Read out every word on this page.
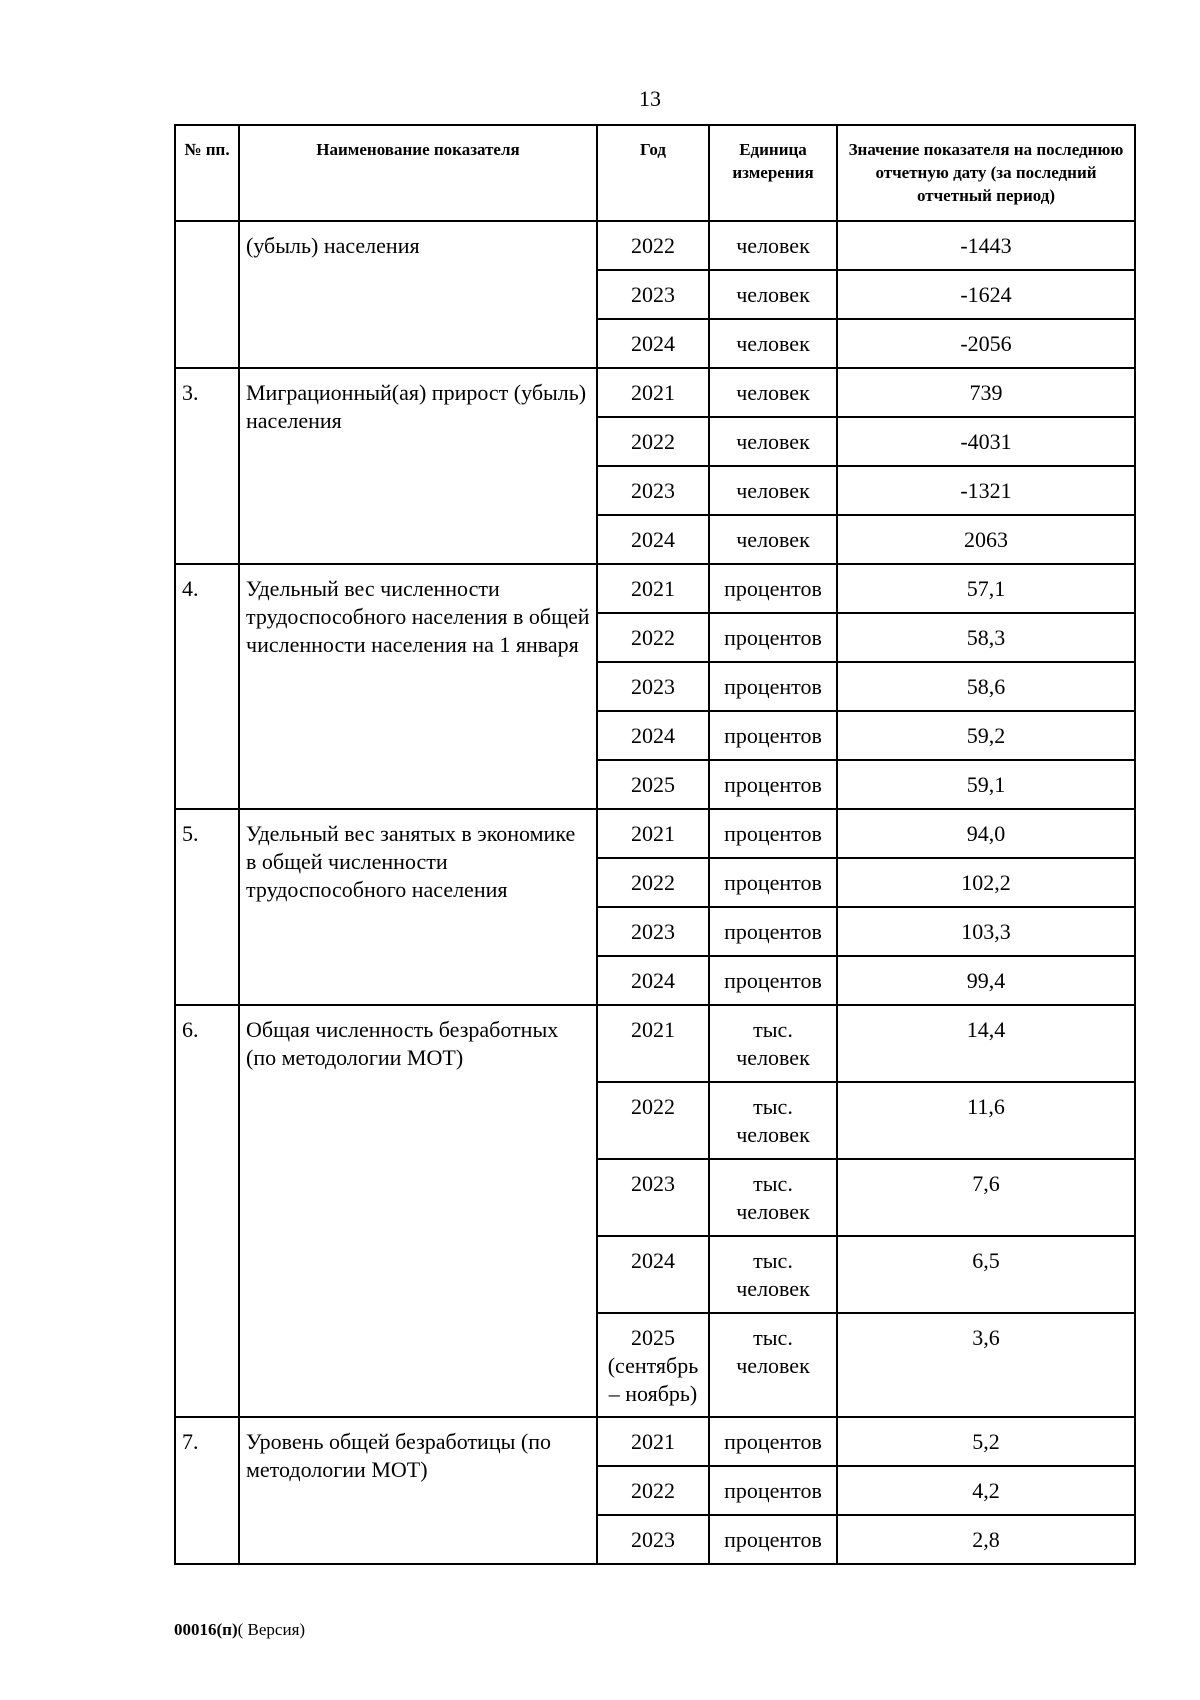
13
№ пп.	Наименование показателя	Год	Единица измерения	Значение показателя на последнюю отчетную дату (за последний отчетный период)
	(убыль) населения	2022	человек	-1443
		2023	человек	-1624
		2024	человек	-2056
3.	Миграционный(ая) прирост (убыль) населения	2021	человек	739
		2022	человек	-4031
		2023	человек	-1321
		2024	человек	2063
4.	Удельный вес численности трудоспособного населения в общей численности населения на 1 января	2021	процентов	57,1
		2022	процентов	58,3
		2023	процентов	58,6
		2024	процентов	59,2
		2025	процентов	59,1
5.	Удельный вес занятых в экономике в общей численности трудоспособного населения	2021	процентов	94,0
		2022	процентов	102,2
		2023	процентов	103,3
		2024	процентов	99,4
6.	Общая численность безработных (по методологии МОТ)	2021	тыс. человек	14,4
		2022	тыс. человек	11,6
		2023	тыс. человек	7,6
		2024	тыс. человек	6,5
		2025 (сентябрь – ноябрь)	тыс. человек	3,6
7.	Уровень общей безработицы (по методологии МОТ)	2021	процентов	5,2
		2022	процентов	4,2
		2023	процентов	2,8
00016(п)( Версия)
